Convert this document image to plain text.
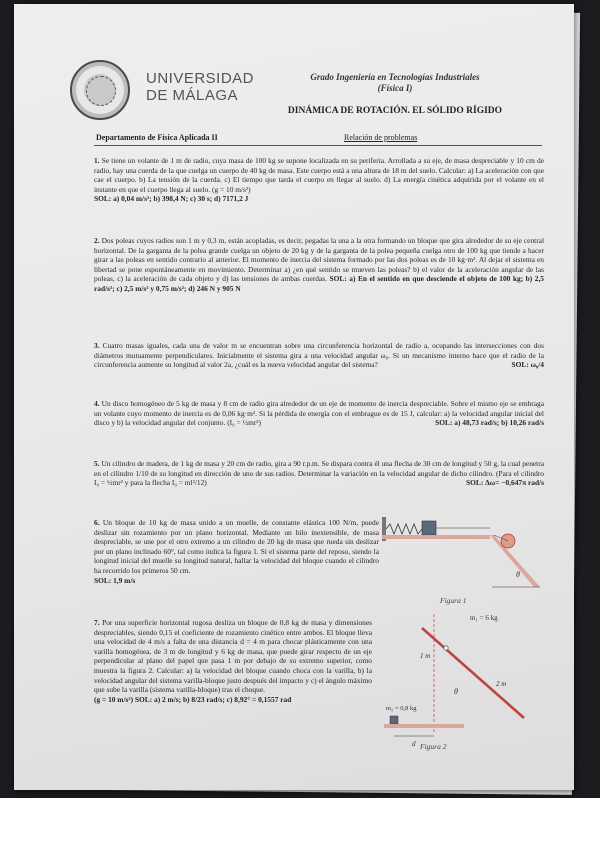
UNIVERSIDAD
DE MÁLAGA
Grado Ingeniería en Tecnologías Industriales
(Física I)
DINÁMICA DE ROTACIÓN. EL SÓLIDO RÍGIDO
Departamento de Física Aplicada II	Relación de problemas
1. Se tiene un volante de 1 m de radio, cuya masa de 100 kg se supone localizada en su periferia. Arrollada a su eje, de masa despreciable y 10 cm de radio, hay una cuerda de la que cuelga un cuerpo de 40 kg de masa. Este cuerpo está a una altura de 18 m del suelo. Calcular: a) La aceleración con que cae el cuerpo. b) La tensión de la cuerda. c) El tiempo que tarda el cuerpo en llegar al suelo. d) La energía cinética adquirida por el volante en el instante en que el cuerpo llega al suelo. (g = 10 m/s²)
SOL: a) 0,04 m/s²; b) 398,4 N; c) 30 s; d) 7171,2 J
2. Dos poleas cuyos radios son 1 m y 0,3 m, están acopladas, es decir, pegadas la una a la otra formando un bloque que gira alrededor de su eje central horizontal. De la garganta de la polea grande cuelga un objeto de 20 kg y de la garganta de la polea pequeña cuelga otro de 100 kg que tiende a hacer girar a las poleas en sentido contrario al anterior. El momento de inercia del sistema formado por las dos poleas es de 10 kg·m². Al dejar el sistema en libertad se pone espontáneamente en movimiento. Determinar a) ¿en qué sentido se mueven las poleas? b) el valor de la aceleración angular de las poleas, c) la aceleración de cada objeto y d) las tensiones de ambas cuerdas. SOL: a) En el sentido en que desciende el objeto de 100 kg; b) 2,5 rad/s²; c) 2,5 m/s² y 0,75 m/s²; d) 246 N y 905 N
3. Cuatro masas iguales, cada una de valor m se encuentran sobre una circunferencia horizontal de radio a, ocupando las intersecciones con dos diámetros mutuamente perpendiculares. Inicialmente el sistema gira a una velocidad angular ω₀. Si un mecanismo interno hace que el radio de la circunferencia aumente su longitud al valor 2a, ¿cuál es la nueva velocidad angular del sistema?	SOL: ω₀/4
4. Un disco homogéneo de 5 kg de masa y 8 cm de radio gira alrededor de un eje de momento de inercia despreciable. Sobre el mismo eje se embraga un volante cuyo momento de inercia es de 0,06 kg·m². Si la pérdida de energía con el embrague es de 15 J, calcular: a) la velocidad angular inicial del disco y b) la velocidad angular del conjunto. (I₀ = ½mr²)	SOL: a) 48,73 rad/s; b) 10,26 rad/s
5. Un cilindro de madera, de 1 kg de masa y 20 cm de radio, gira a 90 r.p.m. Se dispara contra él una flecha de 30 cm de longitud y 50 g, la cual penetra en el cilindro 1/10 de su longitud en dirección de uno de sus radios. Determinar la variación en la velocidad angular de dicho cilindro. (Para el cilindro I₀ = ½mr² y para la flecha I₀ = ml²/12)	SOL: Δω= −0,647π rad/s
6. Un bloque de 10 kg de masa unido a un muelle, de constante elástica 100 N/m, puede deslizar sin rozamiento por un plano horizontal. Mediante un hilo inextensible, de masa despreciable, se une por el otro extremo a un cilindro de 20 kg de masa que rueda sin deslizar por un plano inclinado 60°, tal como indica la figura 1. Si el sistema parte del reposo, siendo la longitud inicial del muelle su longitud natural, hallar la velocidad del bloque cuando el cilindro ha recorrido los primeros 50 cm.
SOL: 1,9 m/s
θ
Figura 1
7. Por una superficie horizontal rugosa desliza un bloque de 0,8 kg de masa y dimensiones despreciables, siendo 0,15 el coeficiente de rozamiento cinético entre ambos. El bloque lleva una velocidad de 4 m/s a falta de una distancia d = 4 m para chocar plásticamente con una varilla homogénea, de 3 m de longitud y 6 kg de masa, que puede girar respecto de un eje perpendicular al plano del papel que pasa 1 m por debajo de su extremo superior, como muestra la figura 2. Calcular: a) la velocidad del bloque cuando choca con la varilla, b) la velocidad angular del sistema varilla-bloque justo después del impacto y c) el ángulo máximo que sube la varilla (sistema varilla-bloque) tras el choque.
(g = 10 m/s²) SOL: a) 2 m/s; b) 8/23 rad/s; c) 8,92° = 0,1557 rad
m₁ = 6 kg
1 m
2 m
θ
m₂ = 0,8 kg
d Figura 2
